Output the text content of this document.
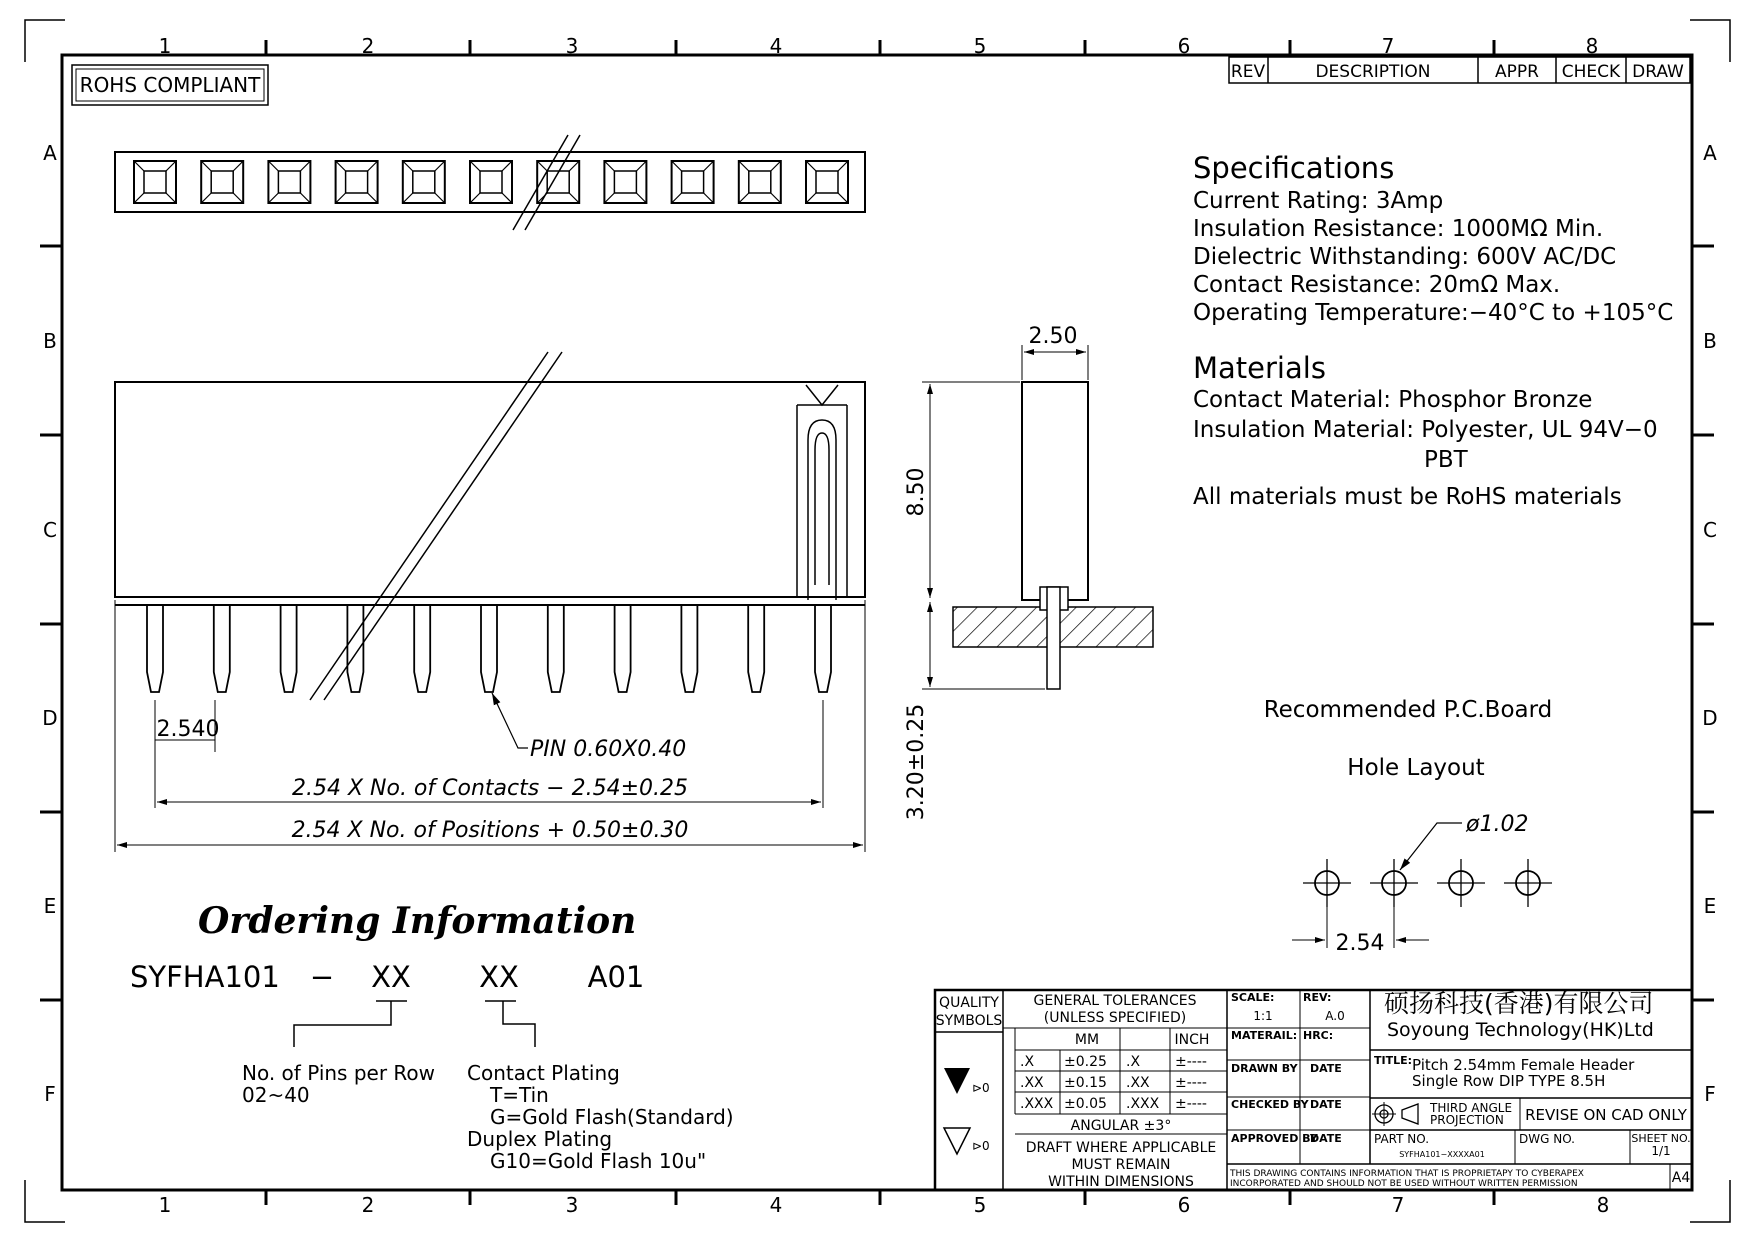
1	2	3	4	5	6	7	8
1	2	3	4	5	6	7	8
A
B
C
D
E
F
A
B
C
D
E
F
ROHS COMPLIANT
REV	DESCRIPTION	APPR CHECK DRAW
2.540
PIN 0.60X0.40
2.54 X No. of Contacts − 2.54±0.25
2.54 X No. of Positions + 0.50±0.30
2.50
8.50
3.20±0.25
Specifications
Current Rating: 3Amp
Insulation Resistance: 1000MΩ Min.
Dielectric Withstanding: 600V AC/DC
Contact Resistance: 20mΩ Max.
Operating Temperature:−40°C to +105°C
Materials
Contact Material: Phosphor Bronze
Insulation Material: Polyester, UL 94V−0
PBT
All materials must be RoHS materials
Recommended P.C.Board
Hole Layout
ø1.02
2.54
Ordering Information
SYFHA101 − XX XX A01
No. of Pins per Row
02~40
Contact Plating
T=Tin
G=Gold Flash(Standard)
Duplex Plating
G10=Gold Flash 10u"
QUALITY
SYMBOLS
⊳0
⊳0
GENERAL TOLERANCES
(UNLESS SPECIFIED)
MM	INCH
.X ±0.25 .X ±----
.XX ±0.15 .XX ±----
.XXX ±0.05 .XXX ±----
ANGULAR ±3°
DRAFT WHERE APPLICABLE
MUST REMAIN
WITHIN DIMENSIONS
SCALE:
1:1
REV:
A.0
MATERAIL: HRC:
DRAWN BY DATE
CHECKED BY DATE
APPROVED BY
DATE
硕扬科技(香港)有限公司
Soyoung Technology(HK)Ltd
TITLE: Pitch 2.54mm Female Header
Single Row DIP TYPE 8.5H
THIRD ANGLE
PROJECTION REVISE ON CAD ONLY
PART NO.
SYFHA101−XXXXA01
DWG NO.	SHEET NO.
1/1
THIS DRAWING CONTAINS INFORMATION THAT IS PROPRIETAPY TO CYBERAPEX
INCORPORATED AND SHOULD NOT BE USED WITHOUT WRITTEN PERMISSION	A4
